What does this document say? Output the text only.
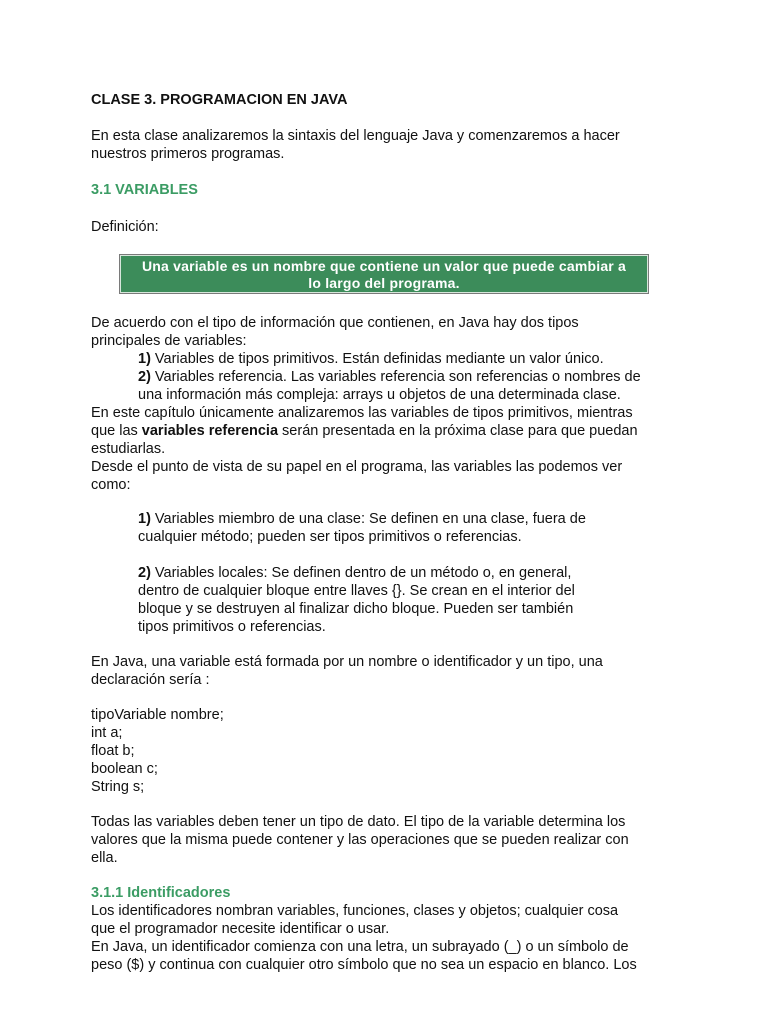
CLASE 3. PROGRAMACION EN JAVA

En esta clase analizaremos la sintaxis del lenguaje Java y comenzaremos a hacer

nuestros primeros programas.

3.1 VARIABLES
Definición:

De acuerdo con el tipo de información que contienen, en Java hay dos tipos

principales de variables:

1) Variables de tipos primitivos. Están definidas mediante un valor único.

2) Variables referencia. Las variables referencia son referencias o nombres de

una información más compleja: arrays u objetos de una determinada clase.

En este capítulo únicamente analizaremos las variables de tipos primitivos, mientras

que las variables referencia serán presentada en la próxima clase para que puedan

estudiarlas.

Desde el punto de vista de su papel en el programa, las variables las podemos ver

como:

1) Variables miembro de una clase: Se definen en una clase, fuera de

cualquier método; pueden ser tipos primitivos o referencias.

2) Variables locales: Se definen dentro de un método o, en general,

dentro de cualquier bloque entre llaves {}. Se crean en el interior del

bloque y se destruyen al finalizar dicho bloque. Pueden ser también

tipos primitivos o referencias.

En Java, una variable está formada por un nombre o identificador y un tipo, una

declaración sería :

tipoVariable nombre;

int a;

float b;

boolean c;

String s;

Todas las variables deben tener un tipo de dato. El tipo de la variable determina los

valores que la misma puede contener y las operaciones que se pueden realizar con

ella.

3.1.1 Identificadores

Los identificadores nombran variables, funciones, clases y objetos; cualquier cosa

que el programador necesite identificar o usar.

En Java, un identificador comienza con una letra, un subrayado (_) o un símbolo de

peso ($) y continua con cualquier otro símbolo que no sea un espacio en blanco. Los

Una variable es un nombre que contiene un valor que puede cambiar a
lo largo del programa.
